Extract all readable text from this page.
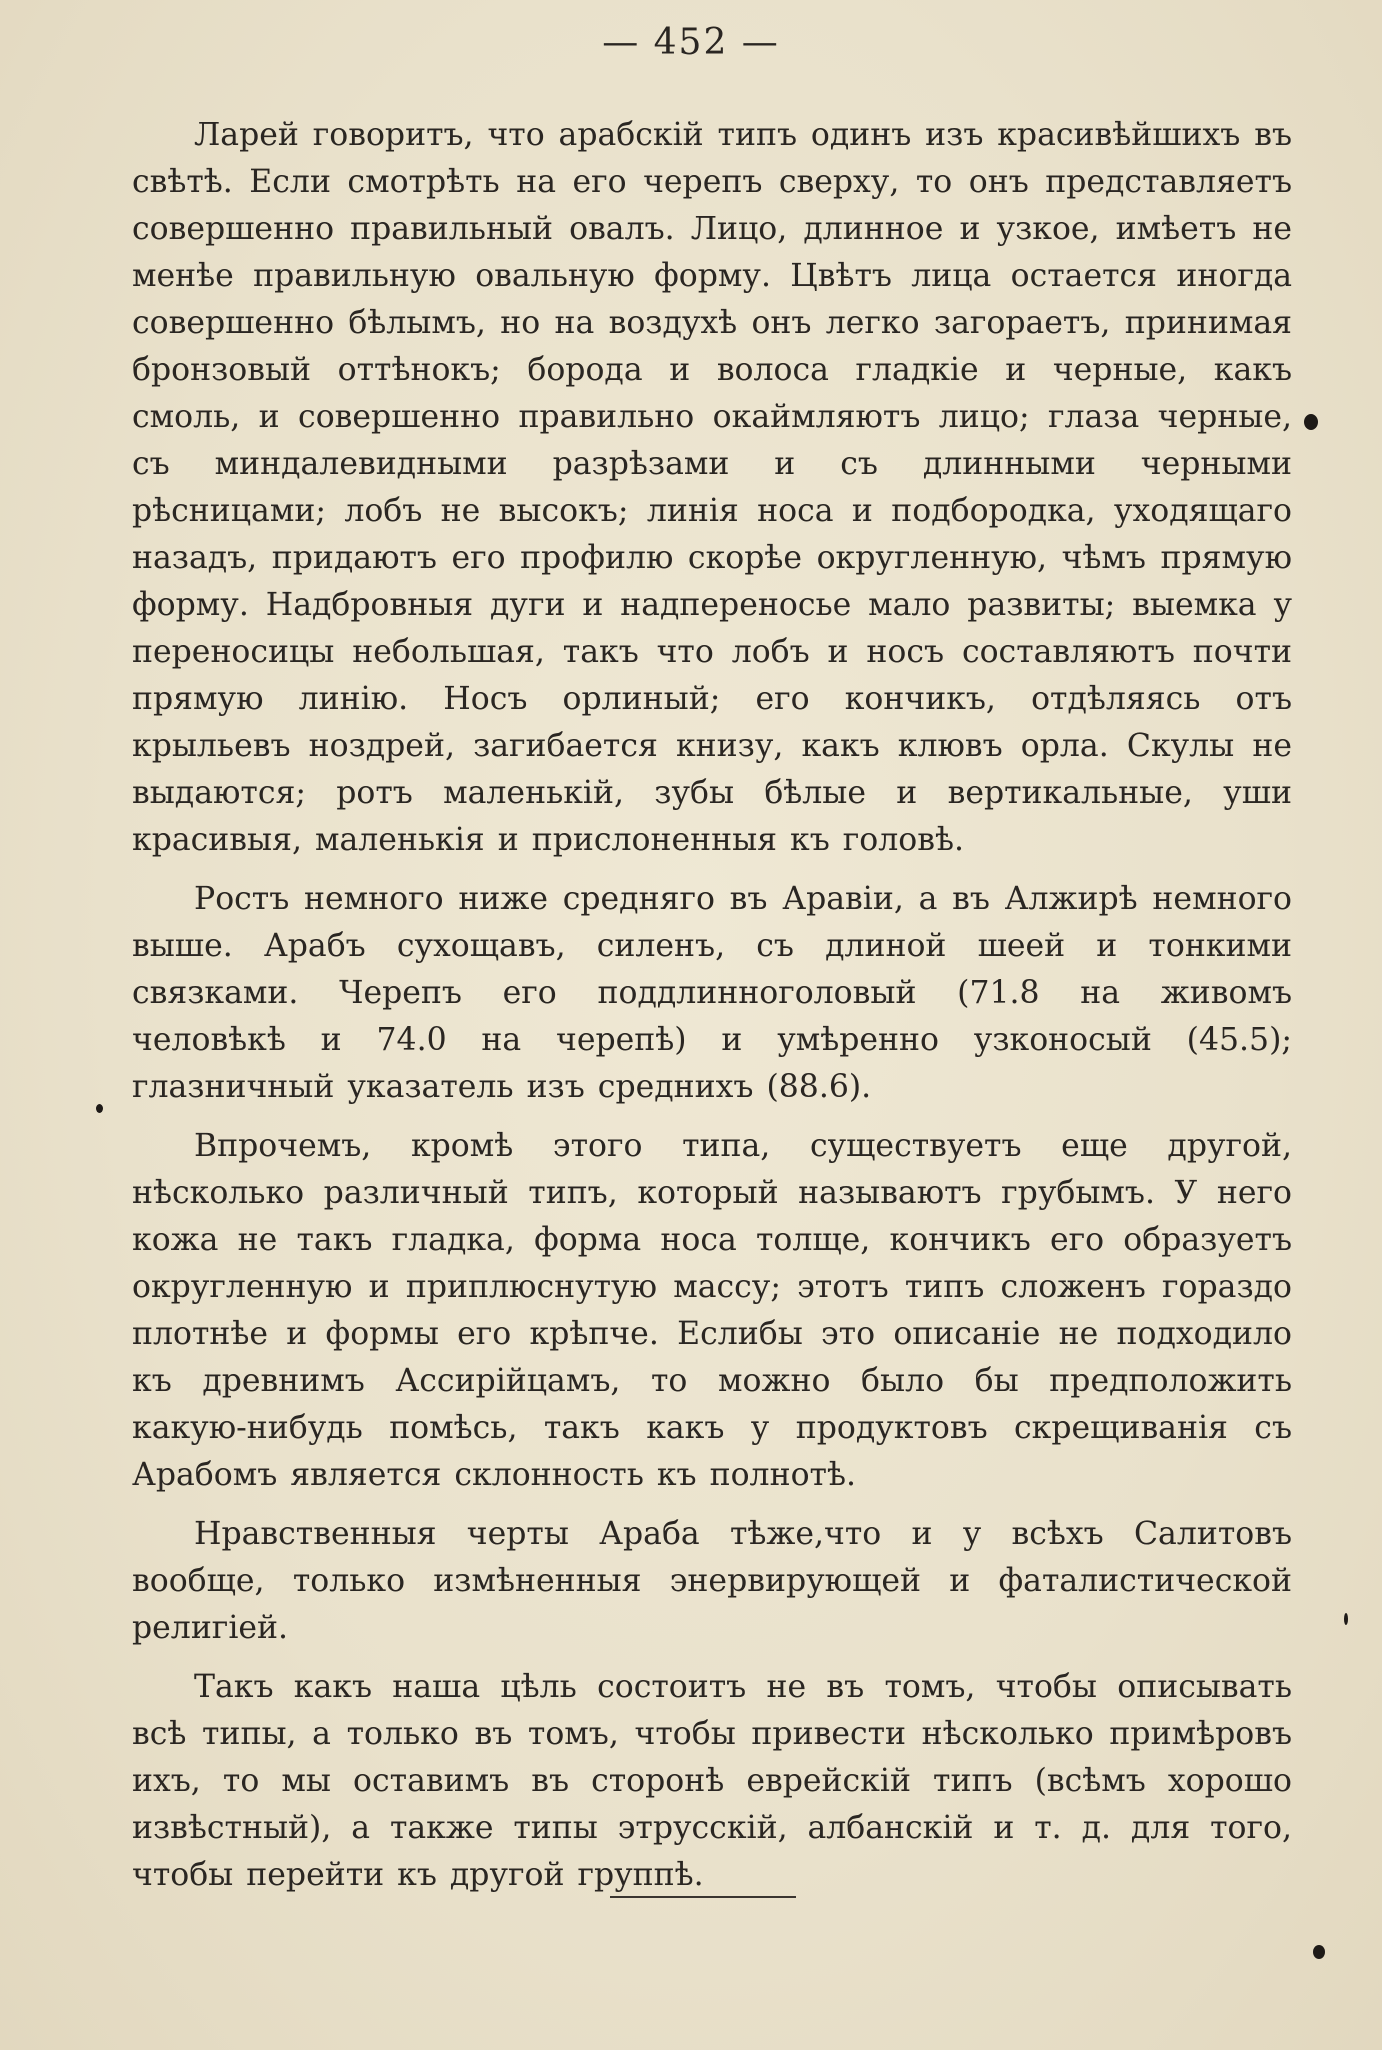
— 452 —

Ларей говоритъ, что арабскій типъ одинъ изъ красивѣйшихъ въ свѣтѣ. Если смотрѣть на его черепъ сверху, то онъ представляетъ совершенно правильный овалъ. Лицо, длинное и узкое, имѣетъ не менѣе правильную овальную форму. Цвѣтъ лица остается иногда совершенно бѣлымъ, но на воздухѣ онъ легко загораетъ, принимая бронзовый оттѣнокъ; борода и волоса гладкіе и черные, какъ смоль, и совершенно правильно окаймляютъ лицо; глаза черные, съ миндалевидными разрѣзами и съ длинными черными рѣсницами; лобъ не высокъ; линія носа и подбородка, уходящаго назадъ, придаютъ его профилю скорѣе округленную, чѣмъ прямую форму. Надбровныя дуги и надпереносье мало развиты; выемка у переносицы небольшая, такъ что лобъ и носъ составляютъ почти прямую линію. Носъ орлиный; его кончикъ, отдѣляясь отъ крыльевъ ноздрей, загибается книзу, какъ клювъ орла. Скулы не выдаются; ротъ маленькій, зубы бѣлые и вертикальные, уши красивыя, маленькія и прислоненныя къ головѣ.

Ростъ немного ниже средняго въ Аравіи, а въ Алжирѣ немного выше. Арабъ сухощавъ, силенъ, съ длиной шеей и тонкими связками. Черепъ его поддлинноголовый (71.8 на живомъ человѣкѣ и 74.0 на черепѣ) и умѣренно узконосый (45.5); глазничный указатель изъ среднихъ (88.6).

Впрочемъ, кромѣ этого типа, существуетъ еще другой, нѣсколько различный типъ, который называютъ грубымъ. У него кожа не такъ гладка, форма носа толще, кончикъ его образуетъ округленную и приплюснутую массу; этотъ типъ сложенъ гораздо плотнѣе и формы его крѣпче. Еслибы это описаніе не подходило къ древнимъ Ассирійцамъ, то можно было бы предположить какую-нибудь помѣсь, такъ какъ у продуктовъ скрещиванія съ Арабомъ является склонность къ полнотѣ.

Нравственныя черты Араба тѣже,что и у всѣхъ Салитовъ вообще, только измѣненныя энервирующей и фаталистической религіей.

Такъ какъ наша цѣль состоитъ не въ томъ, чтобы описывать всѣ типы, а только въ томъ, чтобы привести нѣсколько примѣровъ ихъ, то мы оставимъ въ сторонѣ еврейскій типъ (всѣмъ хорошо извѣстный), а также типы этрусскій, албанскій и т. д. для того, чтобы перейти къ другой группѣ.
